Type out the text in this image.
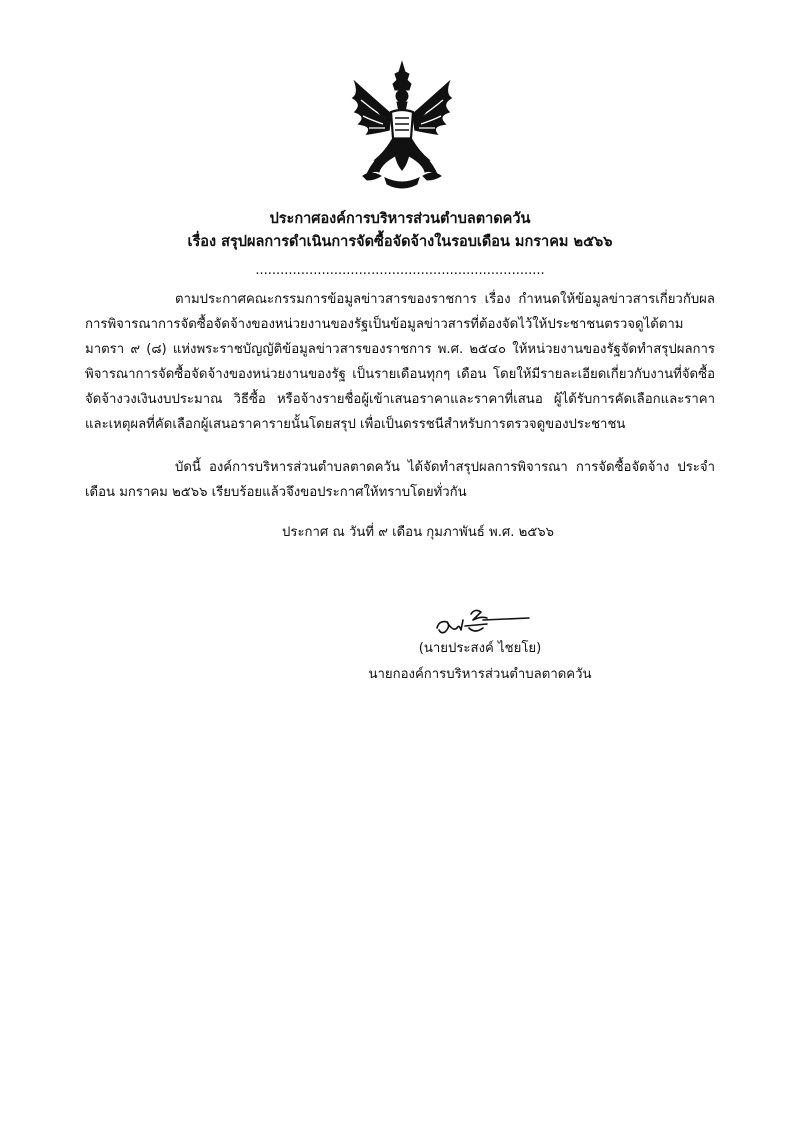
ประกาศองค์การบริหารส่วนตำบลตาดควัน
เรื่อง สรุปผลการดำเนินการจัดซื้อจัดจ้างในรอบเดือน มกราคม ๒๕๖๖
......................................................................

ตามประกาศคณะกรรมการข้อมูลข่าวสารของราชการ เรื่อง กำหนดให้ข้อมูลข่าวสารเกี่ยวกับผลการพิจารณาการจัดซื้อจัดจ้างของหน่วยงานของรัฐเป็นข้อมูลข่าวสารที่ต้องจัดไว้ให้ประชาชนตรวจดูได้ตามมาตรา ๙ (๘) แห่งพระราชบัญญัติข้อมูลข่าวสารของราชการ พ.ศ. ๒๕๔๐ ให้หน่วยงานของรัฐจัดทำสรุปผลการพิจารณาการจัดซื้อจัดจ้างของหน่วยงานของรัฐ เป็นรายเดือนทุกๆ เดือน โดยให้มีรายละเอียดเกี่ยวกับงานที่จัดซื้อจัดจ้างวงเงินงบประมาณ วิธีซื้อ หรือจ้างรายชื่อผู้เข้าเสนอราคาและราคาที่เสนอ ผู้ได้รับการคัดเลือกและราคา และเหตุผลที่คัดเลือกผู้เสนอราคารายนั้นโดยสรุป เพื่อเป็นดรรชนีสำหรับการตรวจดูของประชาชน

บัดนี้ องค์การบริหารส่วนตำบลตาดควัน ได้จัดทำสรุปผลการพิจารณา การจัดซื้อจัดจ้าง ประจำเดือน มกราคม ๒๕๖๖ เรียบร้อยแล้วจึงขอประกาศให้ทราบโดยทั่วกัน

ประกาศ ณ วันที่ ๙ เดือน กุมภาพันธ์ พ.ศ. ๒๕๖๖
(นายประสงค์ ไชยโย)
นายกองค์การบริหารส่วนตำบลตาดควัน
